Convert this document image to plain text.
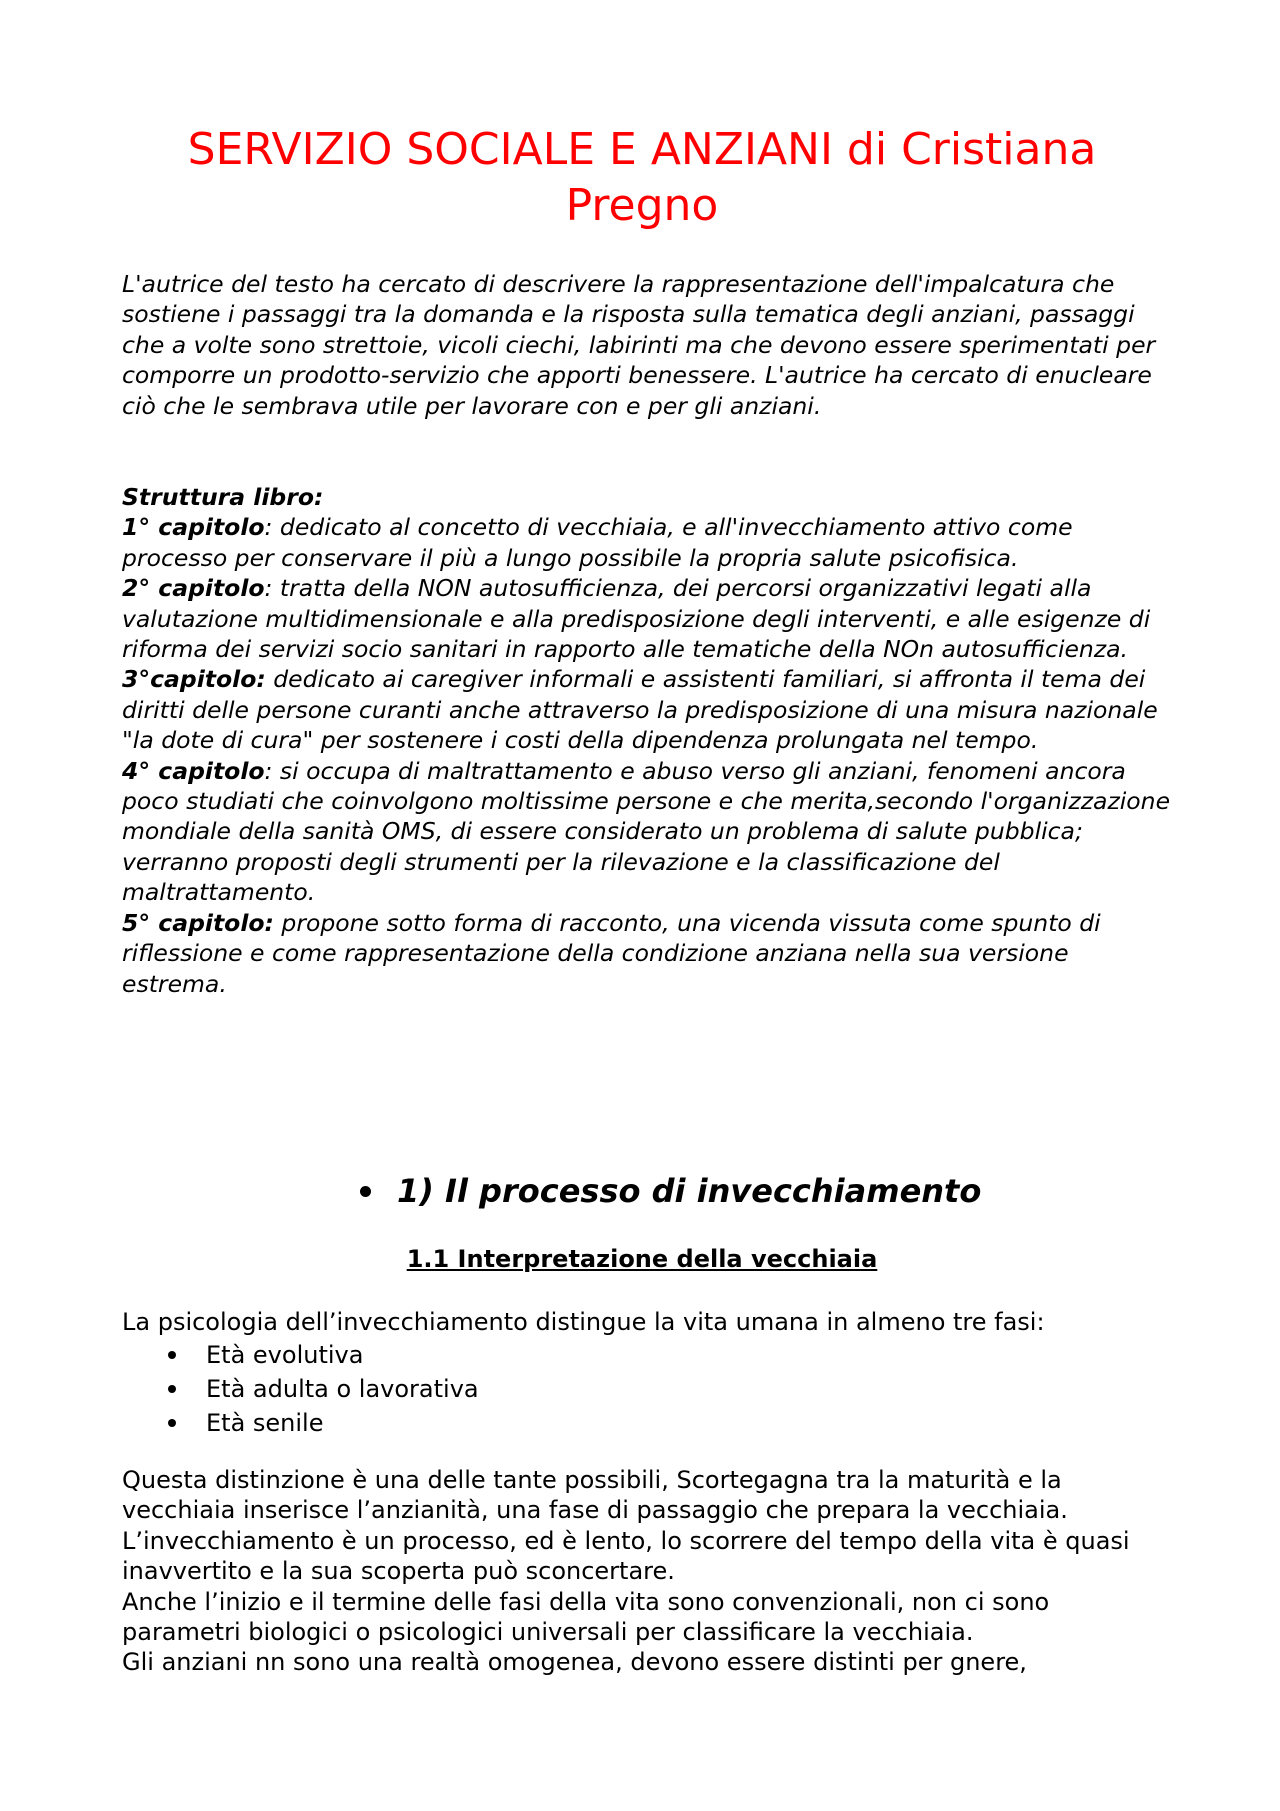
SERVIZIO SOCIALE E ANZIANI di Cristiana Pregno

L'autrice del testo ha cercato di descrivere la rappresentazione dell'impalcatura che sostiene i passaggi tra la domanda e la risposta sulla tematica degli anziani, passaggi che a volte sono strettoie, vicoli ciechi, labirinti ma che devono essere sperimentati per comporre un prodotto-servizio che apporti benessere. L'autrice ha cercato di enucleare ciò che le sembrava utile per lavorare con e per gli anziani.

Struttura libro:
1° capitolo: dedicato al concetto di vecchiaia, e all'invecchiamento attivo come processo per conservare il più a lungo possibile la propria salute psicofisica.
2° capitolo: tratta della NON autosufficienza, dei percorsi organizzativi legati alla valutazione multidimensionale e alla predisposizione degli interventi, e alle esigenze di riforma dei servizi socio sanitari in rapporto alle tematiche della NOn autosufficienza.
3°capitolo: dedicato ai caregiver informali e assistenti familiari, si affronta il tema dei diritti delle persone curanti anche attraverso la predisposizione di una misura nazionale "la dote di cura" per sostenere i costi della dipendenza prolungata nel tempo.
4° capitolo: si occupa di maltrattamento e abuso verso gli anziani, fenomeni ancora poco studiati che coinvolgono moltissime persone e che merita,secondo l'organizzazione mondiale della sanità OMS, di essere considerato un problema di salute pubblica; verranno proposti degli strumenti per la rilevazione e la classificazione del maltrattamento.
5° capitolo: propone sotto forma di racconto, una vicenda vissuta come spunto di riflessione e come rappresentazione della condizione anziana nella sua versione estrema.
1) Il processo di invecchiamento
1.1 Interpretazione della vecchiaia

La psicologia dell’invecchiamento distingue la vita umana in almeno tre fasi:

Età evolutiva
Età adulta o lavorativa
Età senile
Questa distinzione è una delle tante possibili, Scortegagna tra la maturità e la vecchiaia inserisce l’anzianità, una fase di passaggio che prepara la vecchiaia. L’invecchiamento è un processo, ed è lento, lo scorrere del tempo della vita è quasi inavvertito e la sua scoperta può sconcertare.
Anche l’inizio e il termine delle fasi della vita sono convenzionali, non ci sono parametri biologici o psicologici universali per classificare la vecchiaia.
Gli anziani nn sono una realtà omogenea, devono essere distinti per gnere,
